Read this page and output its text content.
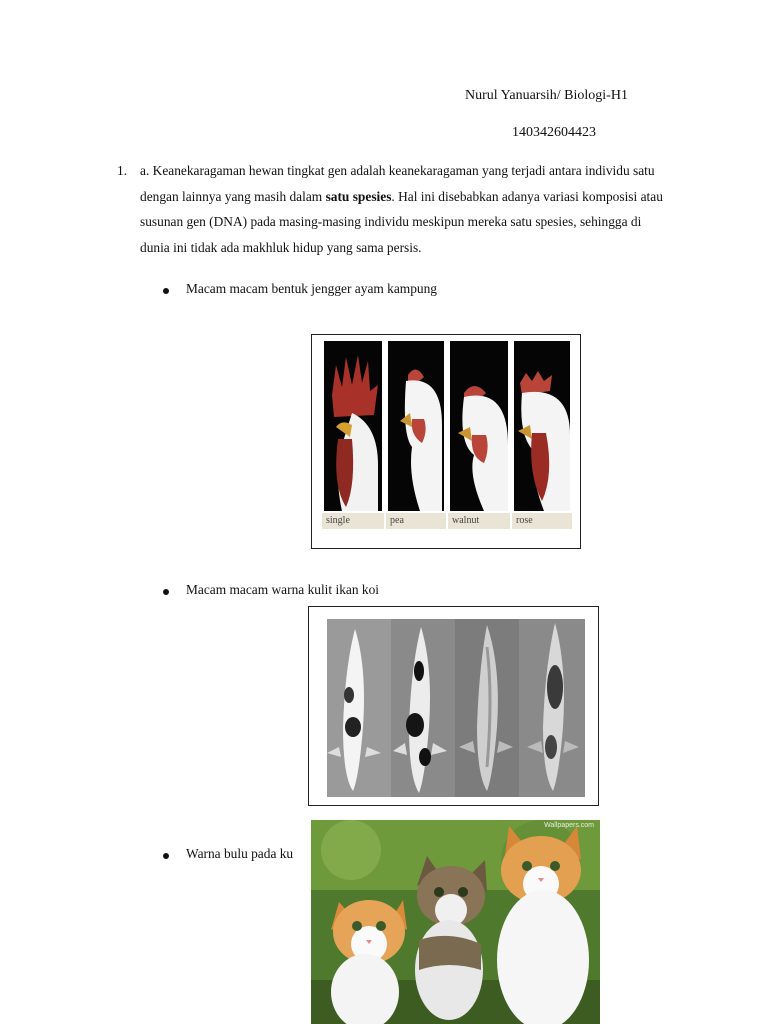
Nurul Yanuarsih/ Biologi-H1
140342604423
1. a. Keanekaragaman hewan tingkat gen adalah keanekaragaman yang terjadi antara individu satu dengan lainnya yang masih dalam satu spesies. Hal ini disebabkan adanya variasi komposisi atau susunan gen (DNA) pada masing-masing individu meskipun mereka satu spesies, sehingga di dunia ini tidak ada makhluk hidup yang sama persis.
Macam macam bentuk jengger ayam kampung
single	pea	walnut	rose
Macam macam warna kulit ikan koi
Wallpapers.com
Warna bulu pada ku
